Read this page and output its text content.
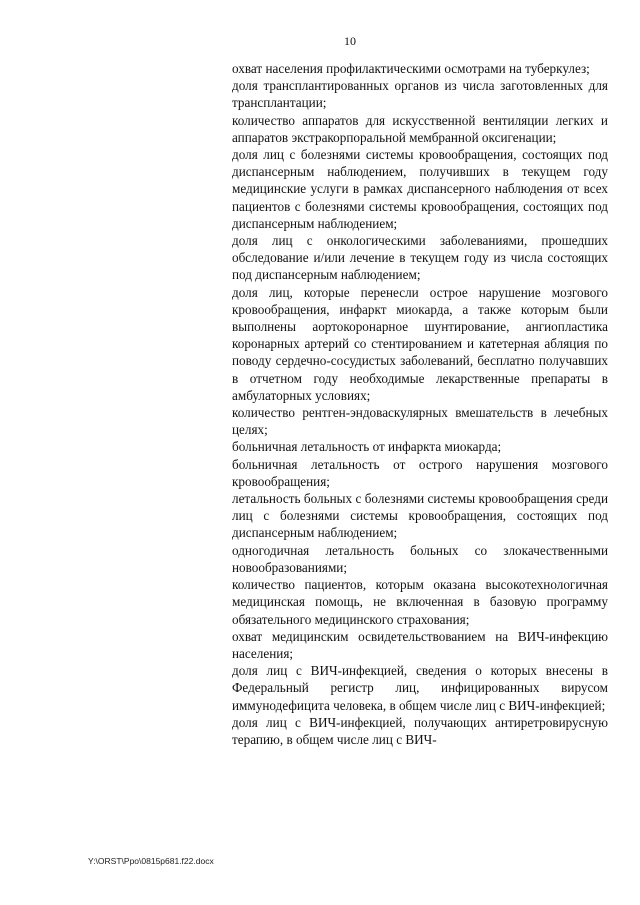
10

охват населения профилактическими осмотрами на туберкулез;

доля трансплантированных органов из числа заготовленных для трансплантации;

количество аппаратов для искусственной вентиляции легких и аппаратов экстракорпоральной мембранной оксигенации;

доля лиц с болезнями системы кровообращения, состоящих под диспансерным наблюдением, получивших в текущем году медицинские услуги в рамках диспансерного наблюдения от всех пациентов с болезнями системы кровообращения, состоящих под диспансерным наблюдением;

доля лиц с онкологическими заболеваниями, прошедших обследование и/или лечение в текущем году из числа состоящих под диспансерным наблюдением;

доля лиц, которые перенесли острое нарушение мозгового кровообращения, инфаркт миокарда, а также которым были выполнены аортокоронарное шунтирование, ангиопластика коронарных артерий со стентированием и катетерная абляция по поводу сердечно-сосудистых заболеваний, бесплатно получавших в отчетном году необходимые лекарственные препараты в амбулаторных условиях;

количество рентген-эндоваскулярных вмешательств в лечебных целях;

больничная летальность от инфаркта миокарда;

больничная летальность от острого нарушения мозгового кровообращения;

летальность больных с болезнями системы кровообращения среди лиц с болезнями системы кровообращения, состоящих под диспансерным наблюдением;

одногодичная летальность больных со злокачественными новообразованиями;

количество пациентов, которым оказана высокотехнологичная медицинская помощь, не включенная в базовую программу обязательного медицинского страхования;

охват медицинским освидетельствованием на ВИЧ-инфекцию населения;

доля лиц с ВИЧ-инфекцией, сведения о которых внесены в Федеральный регистр лиц, инфицированных вирусом иммунодефицита человека, в общем числе лиц с ВИЧ-инфекцией;

доля лиц с ВИЧ-инфекцией, получающих антиретровирусную терапию, в общем числе лиц с ВИЧ-

Y:\ORST\Ppo\0815p681.f22.docx
